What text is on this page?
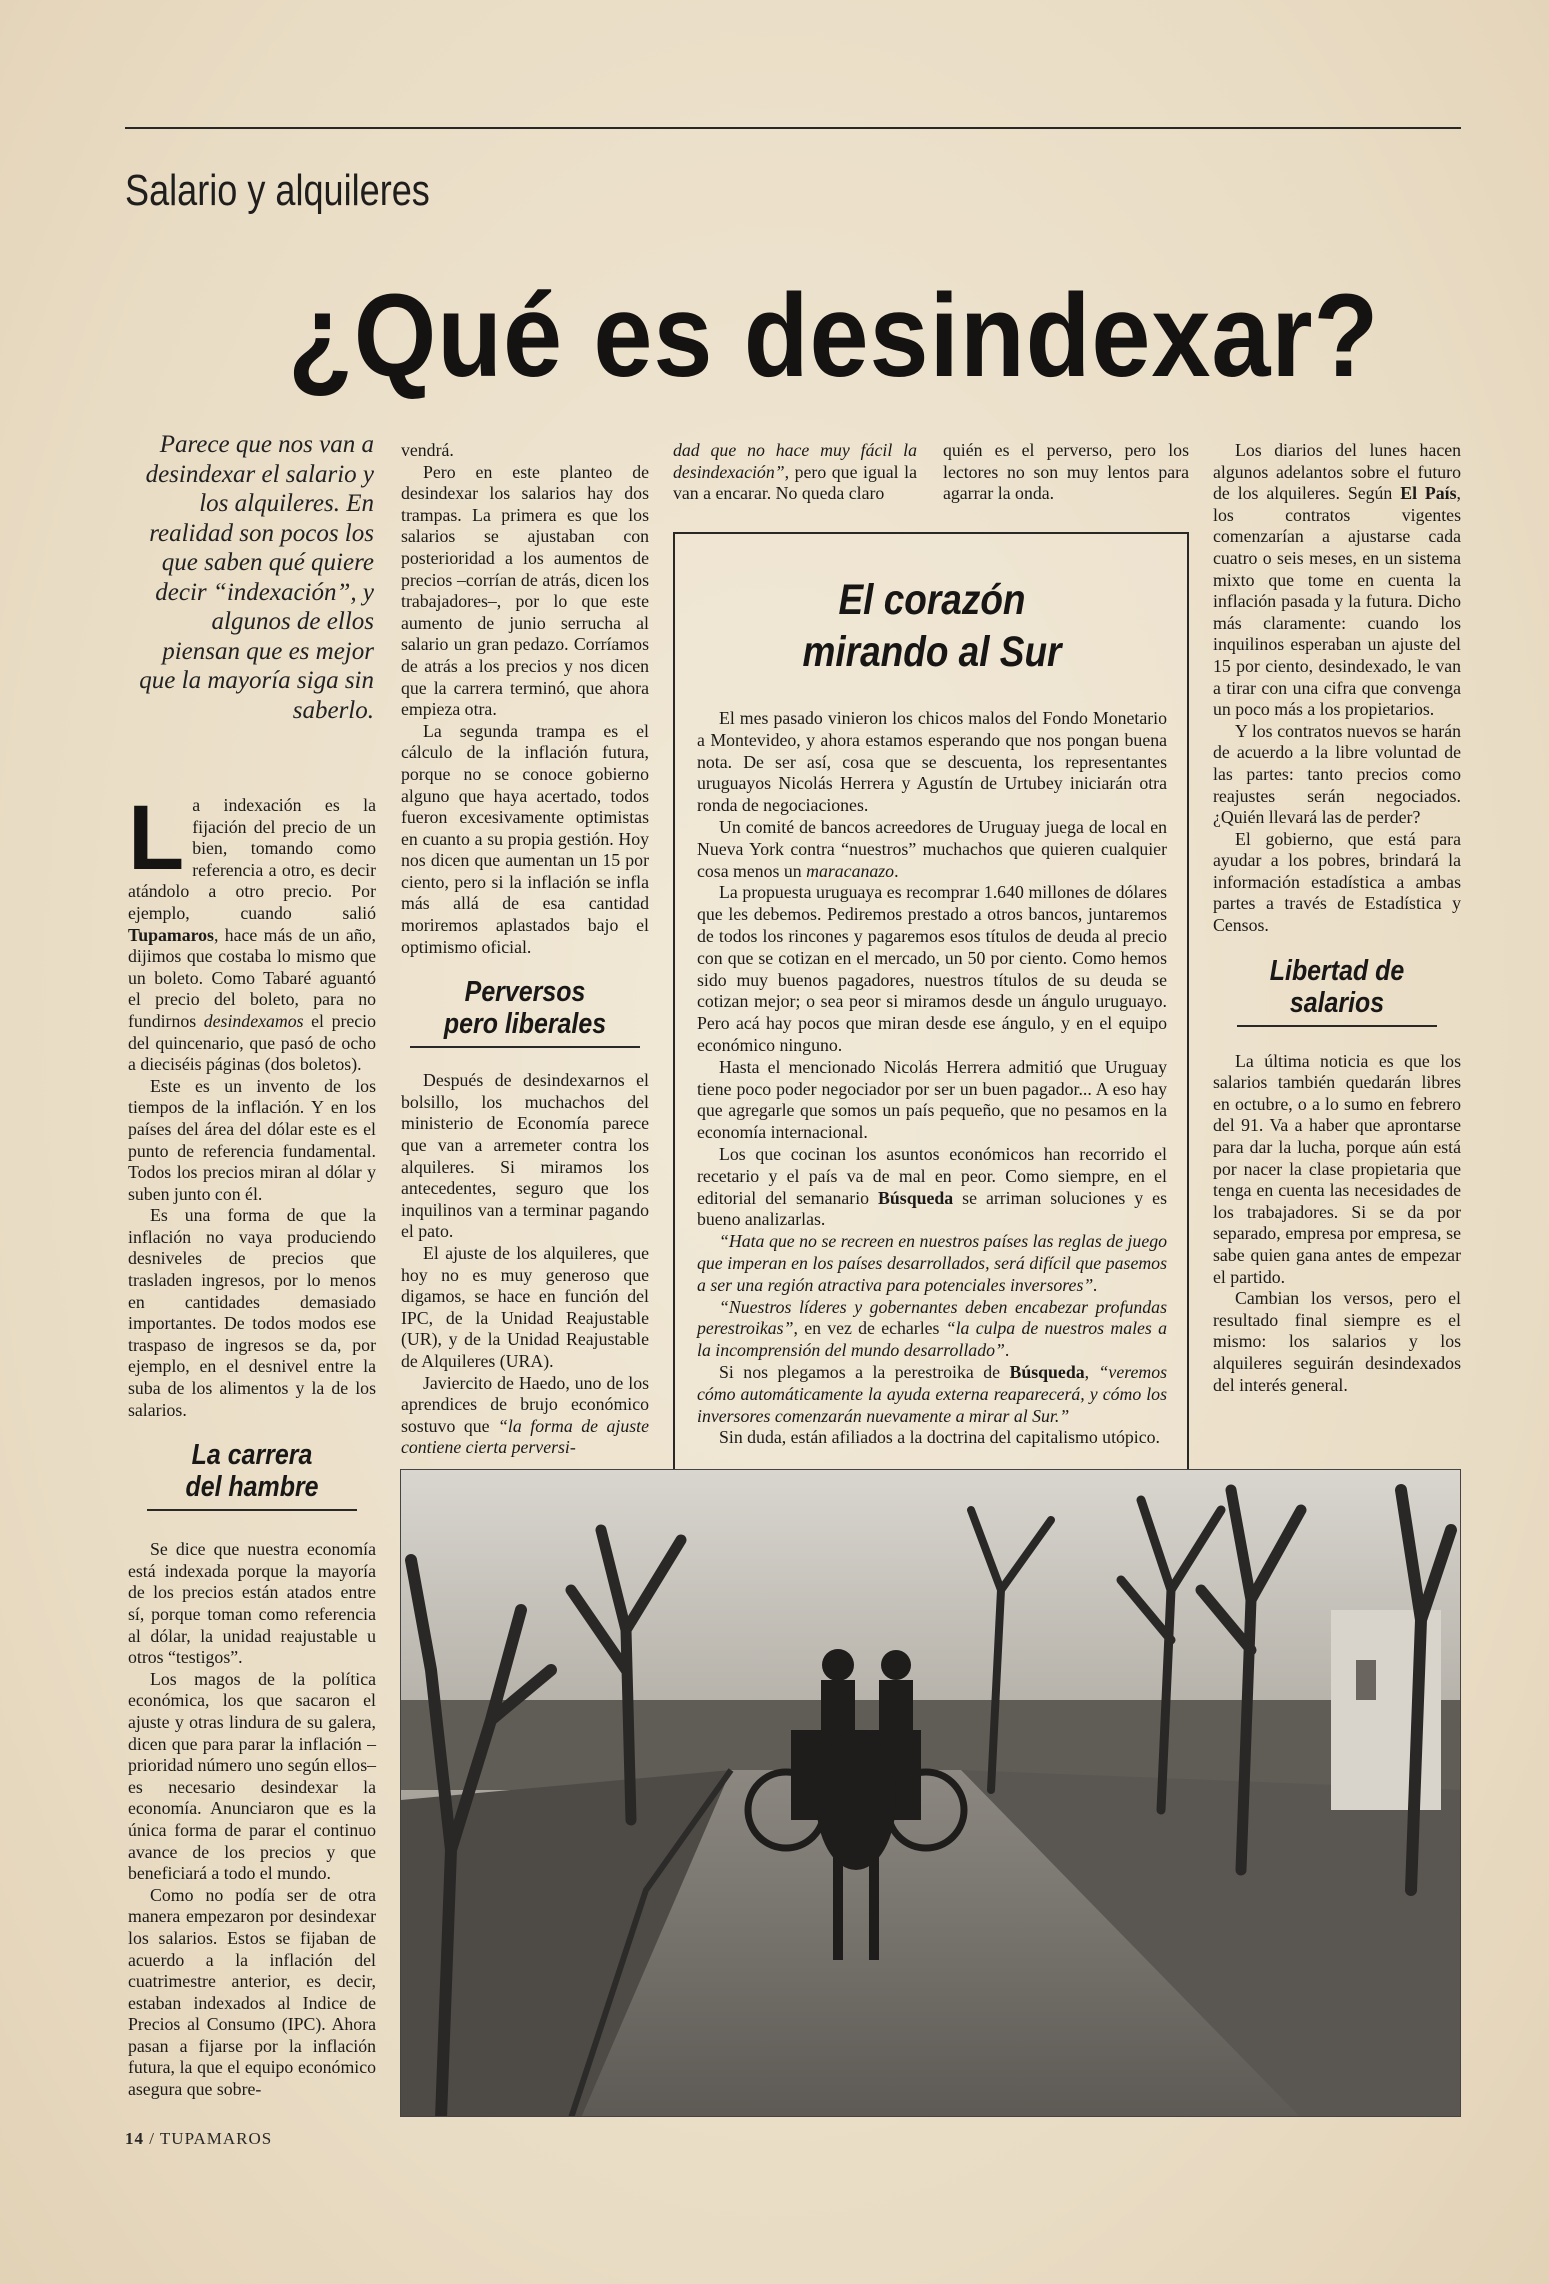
Salario y alquileres
¿Qué es desindexar?
Parece que nos van a desindexar el salario y los alquileres. En realidad son pocos los que saben qué quiere decir “indexación”, y algunos de ellos piensan que es mejor que la mayoría siga sin saberlo.

La indexación es la fijación del precio de un bien, tomando como referencia a otro, es decir atándolo a otro precio. Por ejemplo, cuando salió Tupamaros, hace más de un año, dijimos que costaba lo mismo que un boleto. Como Tabaré aguantó el precio del boleto, para no fundirnos desindexamos el precio del quincenario, que pasó de ocho a dieciséis páginas (dos boletos).

Este es un invento de los tiempos de la inflación. Y en los países del área del dólar este es el punto de referencia fundamental. Todos los precios miran al dólar y suben junto con él.

Es una forma de que la inflación no vaya produciendo desniveles de precios que trasladen ingresos, por lo menos en cantidades demasiado importantes. De todos modos ese traspaso de ingresos se da, por ejemplo, en el desnivel entre la suba de los alimentos y la de los salarios.

La carrera
del hambre

Se dice que nuestra economía está indexada porque la mayoría de los precios están atados entre sí, porque toman como referencia al dólar, la unidad reajustable u otros “testigos”.

Los magos de la política económica, los que sacaron el ajuste y otras lindura de su galera, dicen que para parar la inflación –prioridad número uno según ellos– es necesario desindexar la economía. Anunciaron que es la única forma de parar el continuo avance de los precios y que beneficiará a todo el mundo.

Como no podía ser de otra manera empezaron por desindexar los salarios. Estos se fijaban de acuerdo a la inflación del cuatrimestre anterior, es decir, estaban indexados al Indice de Precios al Consumo (IPC). Ahora pasan a fijarse por la inflación futura, la que el equipo económico asegura que sobre-

vendrá.

Pero en este planteo de desindexar los salarios hay dos trampas. La primera es que los salarios se ajustaban con posterioridad a los aumentos de precios –corrían de atrás, dicen los trabajadores–, por lo que este aumento de junio serrucha al salario un gran pedazo. Corríamos de atrás a los precios y nos dicen que la carrera terminó, que ahora empieza otra.

La segunda trampa es el cálculo de la inflación futura, porque no se conoce gobierno alguno que haya acertado, todos fueron excesivamente optimistas en cuanto a su propia gestión. Hoy nos dicen que aumentan un 15 por ciento, pero si la inflación se infla más allá de esa cantidad moriremos aplastados bajo el optimismo oficial.

Perversos
pero liberales

Después de desindexarnos el bolsillo, los muchachos del ministerio de Economía parece que van a arremeter contra los alquileres. Si miramos los antecedentes, seguro que los inquilinos van a terminar pagando el pato.

El ajuste de los alquileres, que hoy no es muy generoso que digamos, se hace en función del IPC, de la Unidad Reajustable (UR), y de la Unidad Reajustable de Alquileres (URA).

Javiercito de Haedo, uno de los aprendices de brujo económico sostuvo que “la forma de ajuste contiene cierta perversi-

dad que no hace muy fácil la desindexación”, pero que igual la van a encarar. No queda claro

quién es el perverso, pero los lectores no son muy lentos para agarrar la onda.

El corazón
mirando al Sur

El mes pasado vinieron los chicos malos del Fondo Monetario a Montevideo, y ahora estamos esperando que nos pongan buena nota. De ser así, cosa que se descuenta, los representantes uruguayos Nicolás Herrera y Agustín de Urtubey iniciarán otra ronda de negociaciones.

Un comité de bancos acreedores de Uruguay juega de local en Nueva York contra “nuestros” muchachos que quieren cualquier cosa menos un maracanazo.

La propuesta uruguaya es recomprar 1.640 millones de dólares que les debemos. Pediremos prestado a otros bancos, juntaremos de todos los rincones y pagaremos esos títulos de deuda al precio con que se cotizan en el mercado, un 50 por ciento. Como hemos sido muy buenos pagadores, nuestros títulos de su deuda se cotizan mejor; o sea peor si miramos desde un ángulo uruguayo. Pero acá hay pocos que miran desde ese ángulo, y en el equipo económico ninguno.

Hasta el mencionado Nicolás Herrera admitió que Uruguay tiene poco poder negociador por ser un buen pagador... A eso hay que agregarle que somos un país pequeño, que no pesamos en la economía internacional.

Los que cocinan los asuntos económicos han recorrido el recetario y el país va de mal en peor. Como siempre, en el editorial del semanario Búsqueda se arriman soluciones y es bueno analizarlas.

“Hata que no se recreen en nuestros países las reglas de juego que imperan en los países desarrollados, será difícil que pasemos a ser una región atractiva para potenciales inversores”.

“Nuestros líderes y gobernantes deben encabezar profundas perestroikas”, en vez de echarles “la culpa de nuestros males a la incomprensión del mundo desarrollado”.

Si nos plegamos a la perestroika de Búsqueda, “veremos cómo automáticamente la ayuda externa reaparecerá, y cómo los inversores comenzarán nuevamente a mirar al Sur.”

Sin duda, están afiliados a la doctrina del capitalismo utópico.

Los diarios del lunes hacen algunos adelantos sobre el futuro de los alquileres. Según El País, los contratos vigentes comenzarían a ajustarse cada cuatro o seis meses, en un sistema mixto que tome en cuenta la inflación pasada y la futura. Dicho más claramente: cuando los inquilinos esperaban un ajuste del 15 por ciento, desindexado, le van a tirar con una cifra que convenga un poco más a los propietarios.

Y los contratos nuevos se harán de acuerdo a la libre voluntad de las partes: tanto precios como reajustes serán negociados. ¿Quién llevará las de perder?

El gobierno, que está para ayudar a los pobres, brindará la información estadística a ambas partes a través de Estadística y Censos.

Libertad de
salarios

La última noticia es que los salarios también quedarán libres en octubre, o a lo sumo en febrero del 91. Va a haber que aprontarse para dar la lucha, porque aún está por nacer la clase propietaria que tenga en cuenta las necesidades de los trabajadores. Si se da por separado, empresa por empresa, se sabe quien gana antes de empezar el partido.

Cambian los versos, pero el resultado final siempre es el mismo: los salarios y los alquileres seguirán desindexados del interés general.

14 / TUPAMAROS
